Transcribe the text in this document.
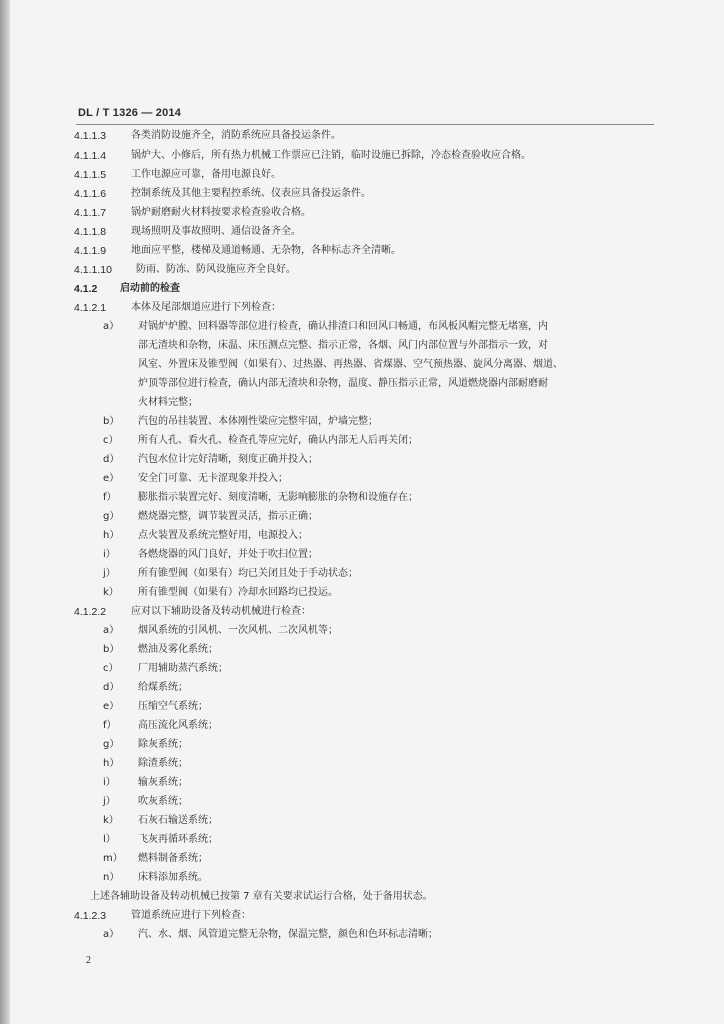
DL / T 1326 — 2014
4.1.1.3 各类消防设施齐全，消防系统应具备投运条件。
4.1.1.4 锅炉大、小修后，所有热力机械工作票应已注销，临时设施已拆除，冷态检查验收应合格。
4.1.1.5 工作电源应可靠，备用电源良好。
4.1.1.6 控制系统及其他主要程控系统、仪表应具备投运条件。
4.1.1.7 锅炉耐磨耐火材料按要求检查验收合格。
4.1.1.8 现场照明及事故照明、通信设备齐全。
4.1.1.9 地面应平整，楼梯及通道畅通、无杂物，各种标志齐全清晰。
4.1.1.10 防雨、防冻、防风设施应齐全良好。
4.1.2 启动前的检查
4.1.2.1 本体及尾部烟道应进行下列检查：
a） 对锅炉炉膛、回料器等部位进行检查，确认排渣口和回风口畅通，布风板风帽完整无堵塞，内
部无渣块和杂物，床温、床压测点完整、指示正常，各烟、风门内部位置与外部指示一致，对
风室、外置床及锥型阀（如果有）、过热器、再热器、省煤器、空气预热器、旋风分离器、烟道、
炉顶等部位进行检查，确认内部无渣块和杂物，温度、静压指示正常，风道燃烧器内部耐磨耐
火材料完整；
b） 汽包的吊挂装置、本体刚性梁应完整牢固，炉墙完整；
c） 所有人孔、看火孔、检查孔等应完好，确认内部无人后再关闭；
d） 汽包水位计完好清晰，刻度正确并投入；
e） 安全门可靠、无卡涩现象并投入；
f） 膨胀指示装置完好、刻度清晰，无影响膨胀的杂物和设施存在；
g） 燃烧器完整，调节装置灵活，指示正确；
h） 点火装置及系统完整好用，电源投入；
i） 各燃烧器的风门良好，并处于吹扫位置；
j） 所有锥型阀（如果有）均已关闭且处于手动状态；
k） 所有锥型阀（如果有）冷却水回路均已投运。
4.1.2.2 应对以下辅助设备及转动机械进行检查：
a） 烟风系统的引风机、一次风机、二次风机等；
b） 燃油及雾化系统；
c） 厂用辅助蒸汽系统；
d） 给煤系统；
e） 压缩空气系统；
f） 高压流化风系统；
g） 除灰系统；
h） 除渣系统；
i） 输灰系统；
j） 吹灰系统；
k） 石灰石输送系统；
l） 飞灰再循环系统；
m） 燃料制备系统；
n） 床料添加系统。
上述各辅助设备及转动机械已按第 7 章有关要求试运行合格，处于备用状态。
4.1.2.3 管道系统应进行下列检查：
a） 汽、水、烟、风管道完整无杂物，保温完整，颜色和色环标志清晰；
2
